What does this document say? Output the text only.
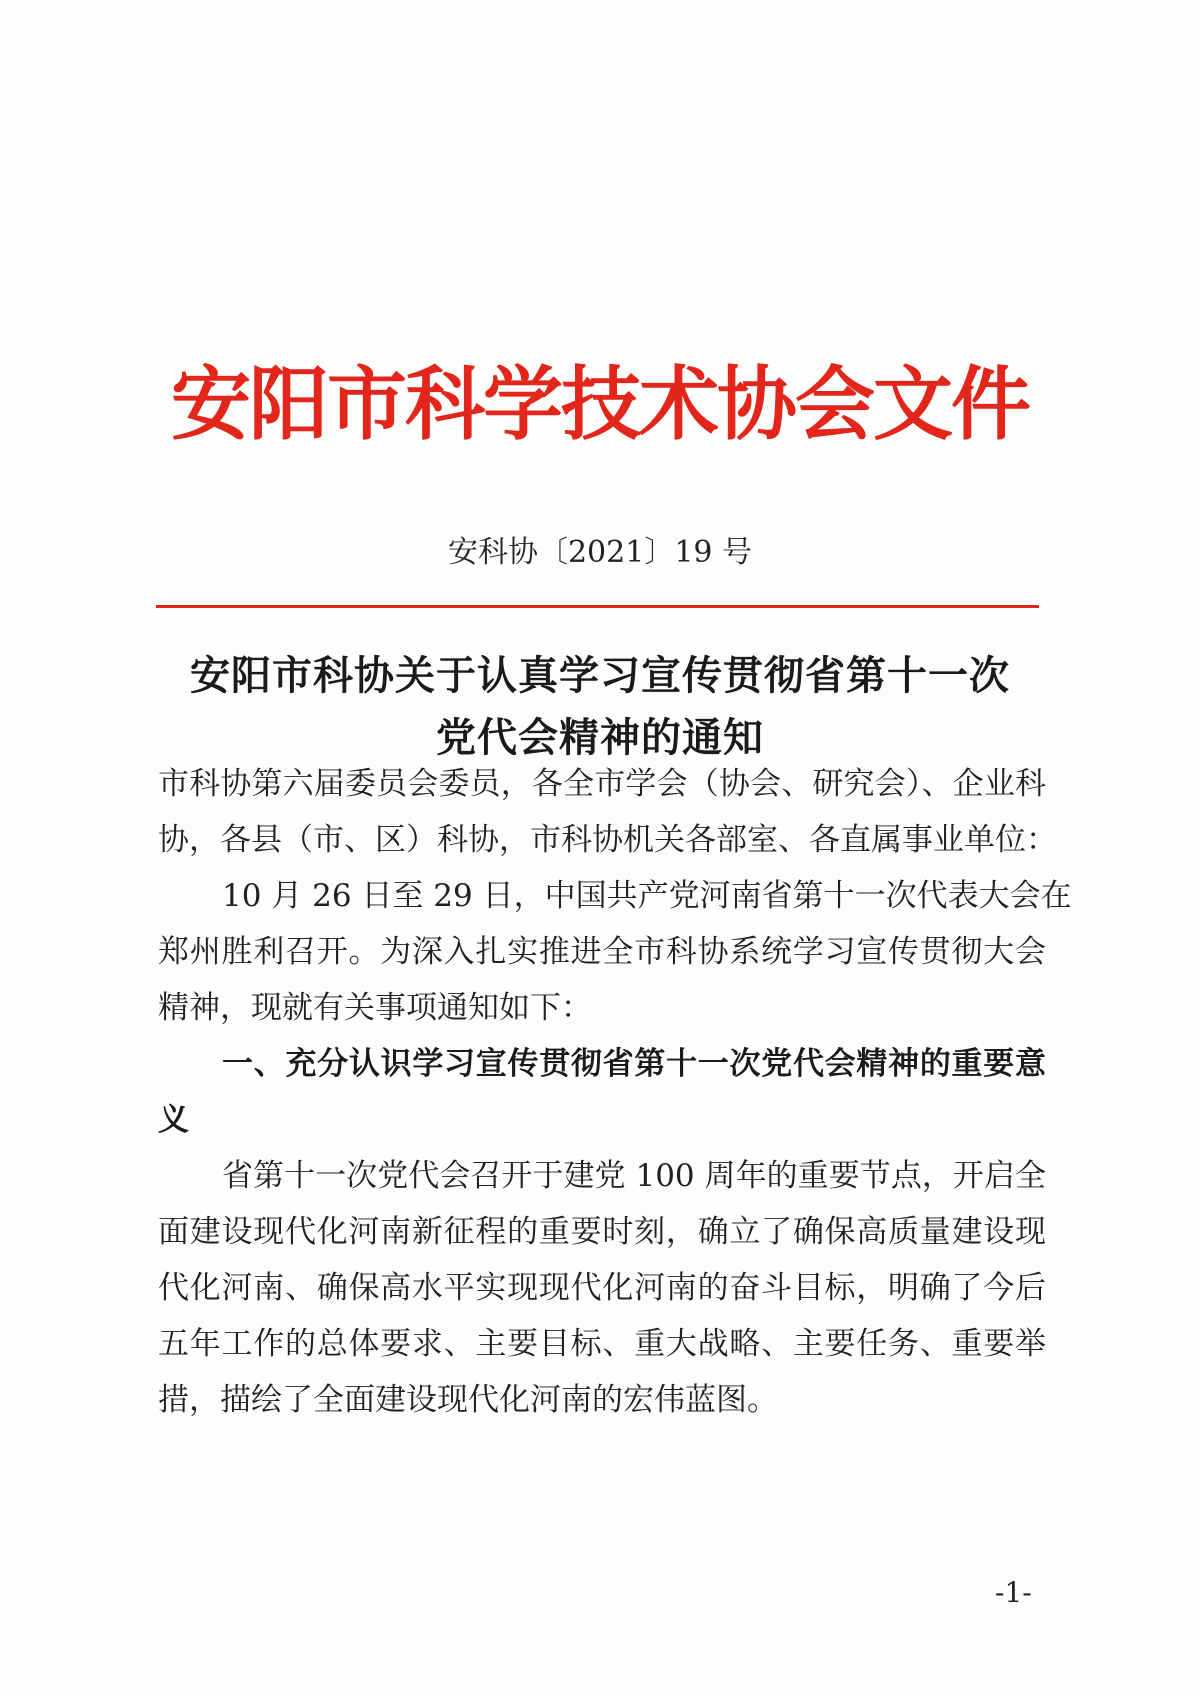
安阳市科学技术协会文件
安科协〔2021〕19 号
安阳市科协关于认真学习宣传贯彻省第十一次
党代会精神的通知
市科协第六届委员会委员，各全市学会（协会、研究会）、企业科
协，各县（市、区）科协，市科协机关各部室、各直属事业单位：
10 月 26 日至 29 日，中国共产党河南省第十一次代表大会在
郑州胜利召开。为深入扎实推进全市科协系统学习宣传贯彻大会
精神，现就有关事项通知如下：
一、充分认识学习宣传贯彻省第十一次党代会精神的重要意
义
省第十一次党代会召开于建党 100 周年的重要节点，开启全
面建设现代化河南新征程的重要时刻，确立了确保高质量建设现
代化河南、确保高水平实现现代化河南的奋斗目标，明确了今后
五年工作的总体要求、主要目标、重大战略、主要任务、重要举
措，描绘了全面建设现代化河南的宏伟蓝图。
-1-
